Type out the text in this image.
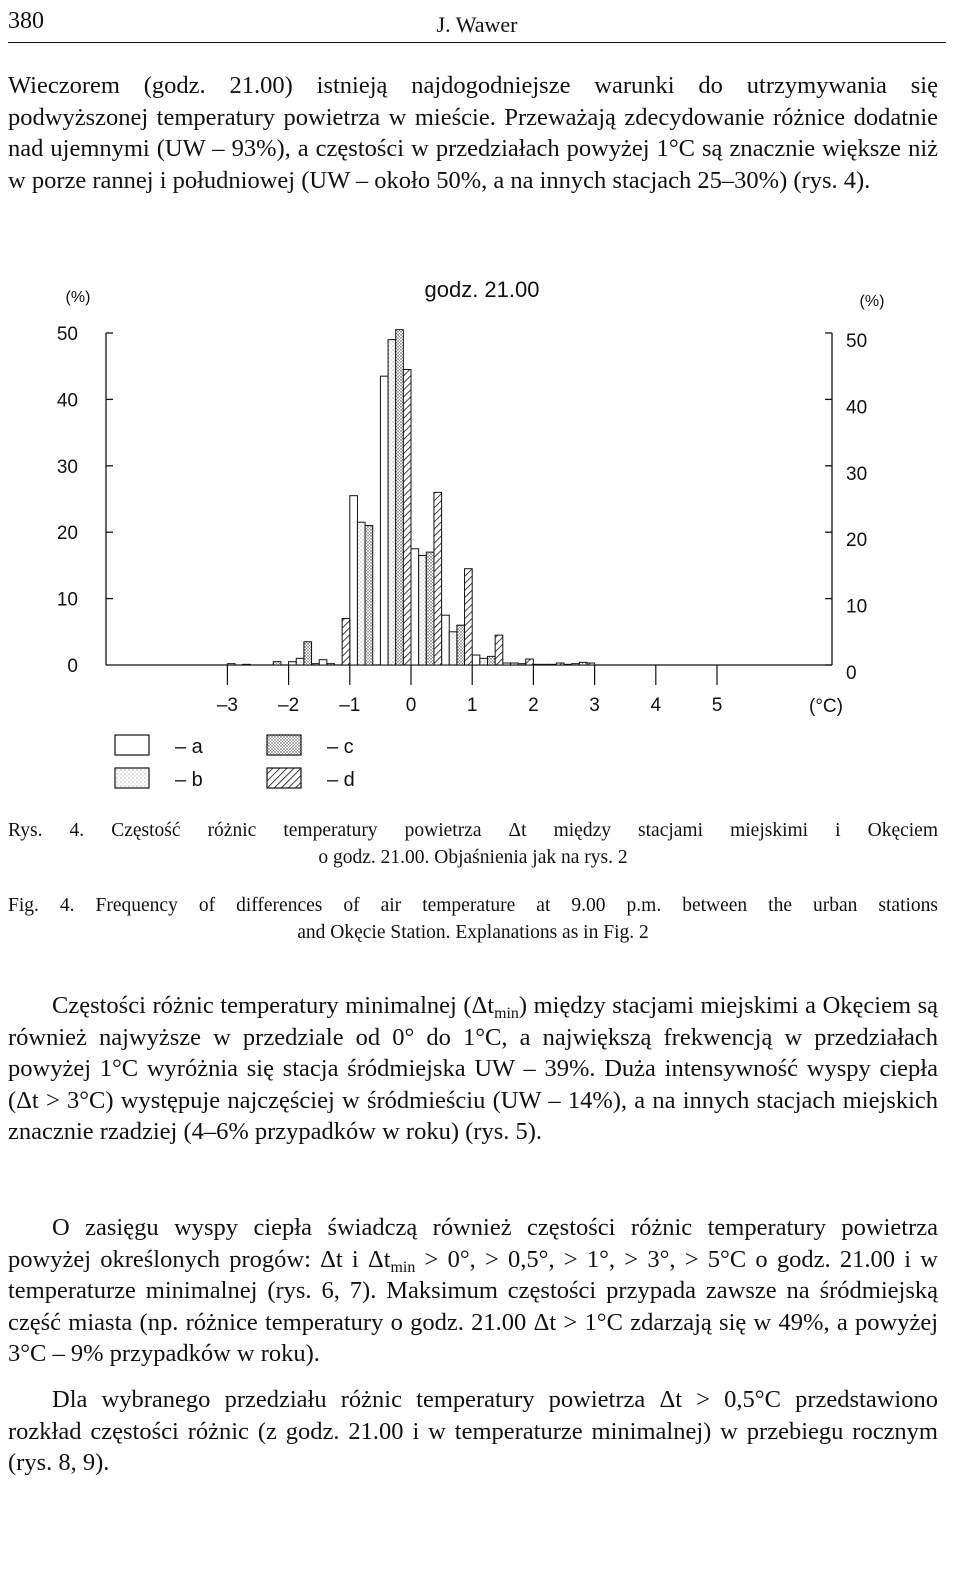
380	J. Wawer

Wieczorem (godz. 21.00) istnieją najdogodniejsze warunki do utrzymywania się podwyższonej temperatury powietrza w mieście. Przeważają zdecydowanie różnice dodatnie nad ujemnymi (UW – 93%), a częstości w przedziałach powyżej 1°C są znacznie większe niż w porze rannej i południowej (UW – około 50%, a na innych stacjach 25–30%) (rys. 4).

godz. 21.00
(%)	(%)
0
10
20
30
40
50
0
10
20
30
40
50
–3 –2 –1 0	1	2	3	4	5	(°C)
– a
– b
– c
– d
Rys. 4. Częstość różnic temperatury powietrza Δt między stacjami miejskimi i Okęciem
o godz. 21.00. Objaśnienia jak na rys. 2
Fig. 4. Frequency of differences of air temperature at 9.00 p.m. between the urban stations
and Okęcie Station. Explanations as in Fig. 2

Częstości różnic temperatury minimalnej $(\Delta t_{min})$ między stacjami miejskimi a Okęciem są również najwyższe w przedziale od 0° do 1°C, a największą frekwencją w przedziałach powyżej 1°C wyróżnia się stacja śródmiejska UW – 39%. Duża intensywność wyspy ciepła (Δt > 3°C) występuje najczęściej w śródmieściu (UW – 14%), a na innych stacjach miejskich znacznie rzadziej (4–6% przypadków w roku) (rys. 5).

O zasięgu wyspy ciepła świadczą również częstości różnic temperatury powietrza powyżej określonych progów: Δt i $\Delta t_{min} > 0^\circ$, > 0,5°, > 1°, > 3°, > 5°C o godz. 21.00 i w temperaturze minimalnej (rys. 6, 7). Maksimum częstości przypada zawsze na śródmiejską część miasta (np. różnice temperatury o godz. 21.00 Δt > 1°C zdarzają się w 49%, a powyżej 3°C – 9% przypadków w roku).

Dla wybranego przedziału różnic temperatury powietrza Δt > 0,5°C przedstawiono rozkład częstości różnic (z godz. 21.00 i w temperaturze minimalnej) w przebiegu rocznym (rys. 8, 9).
